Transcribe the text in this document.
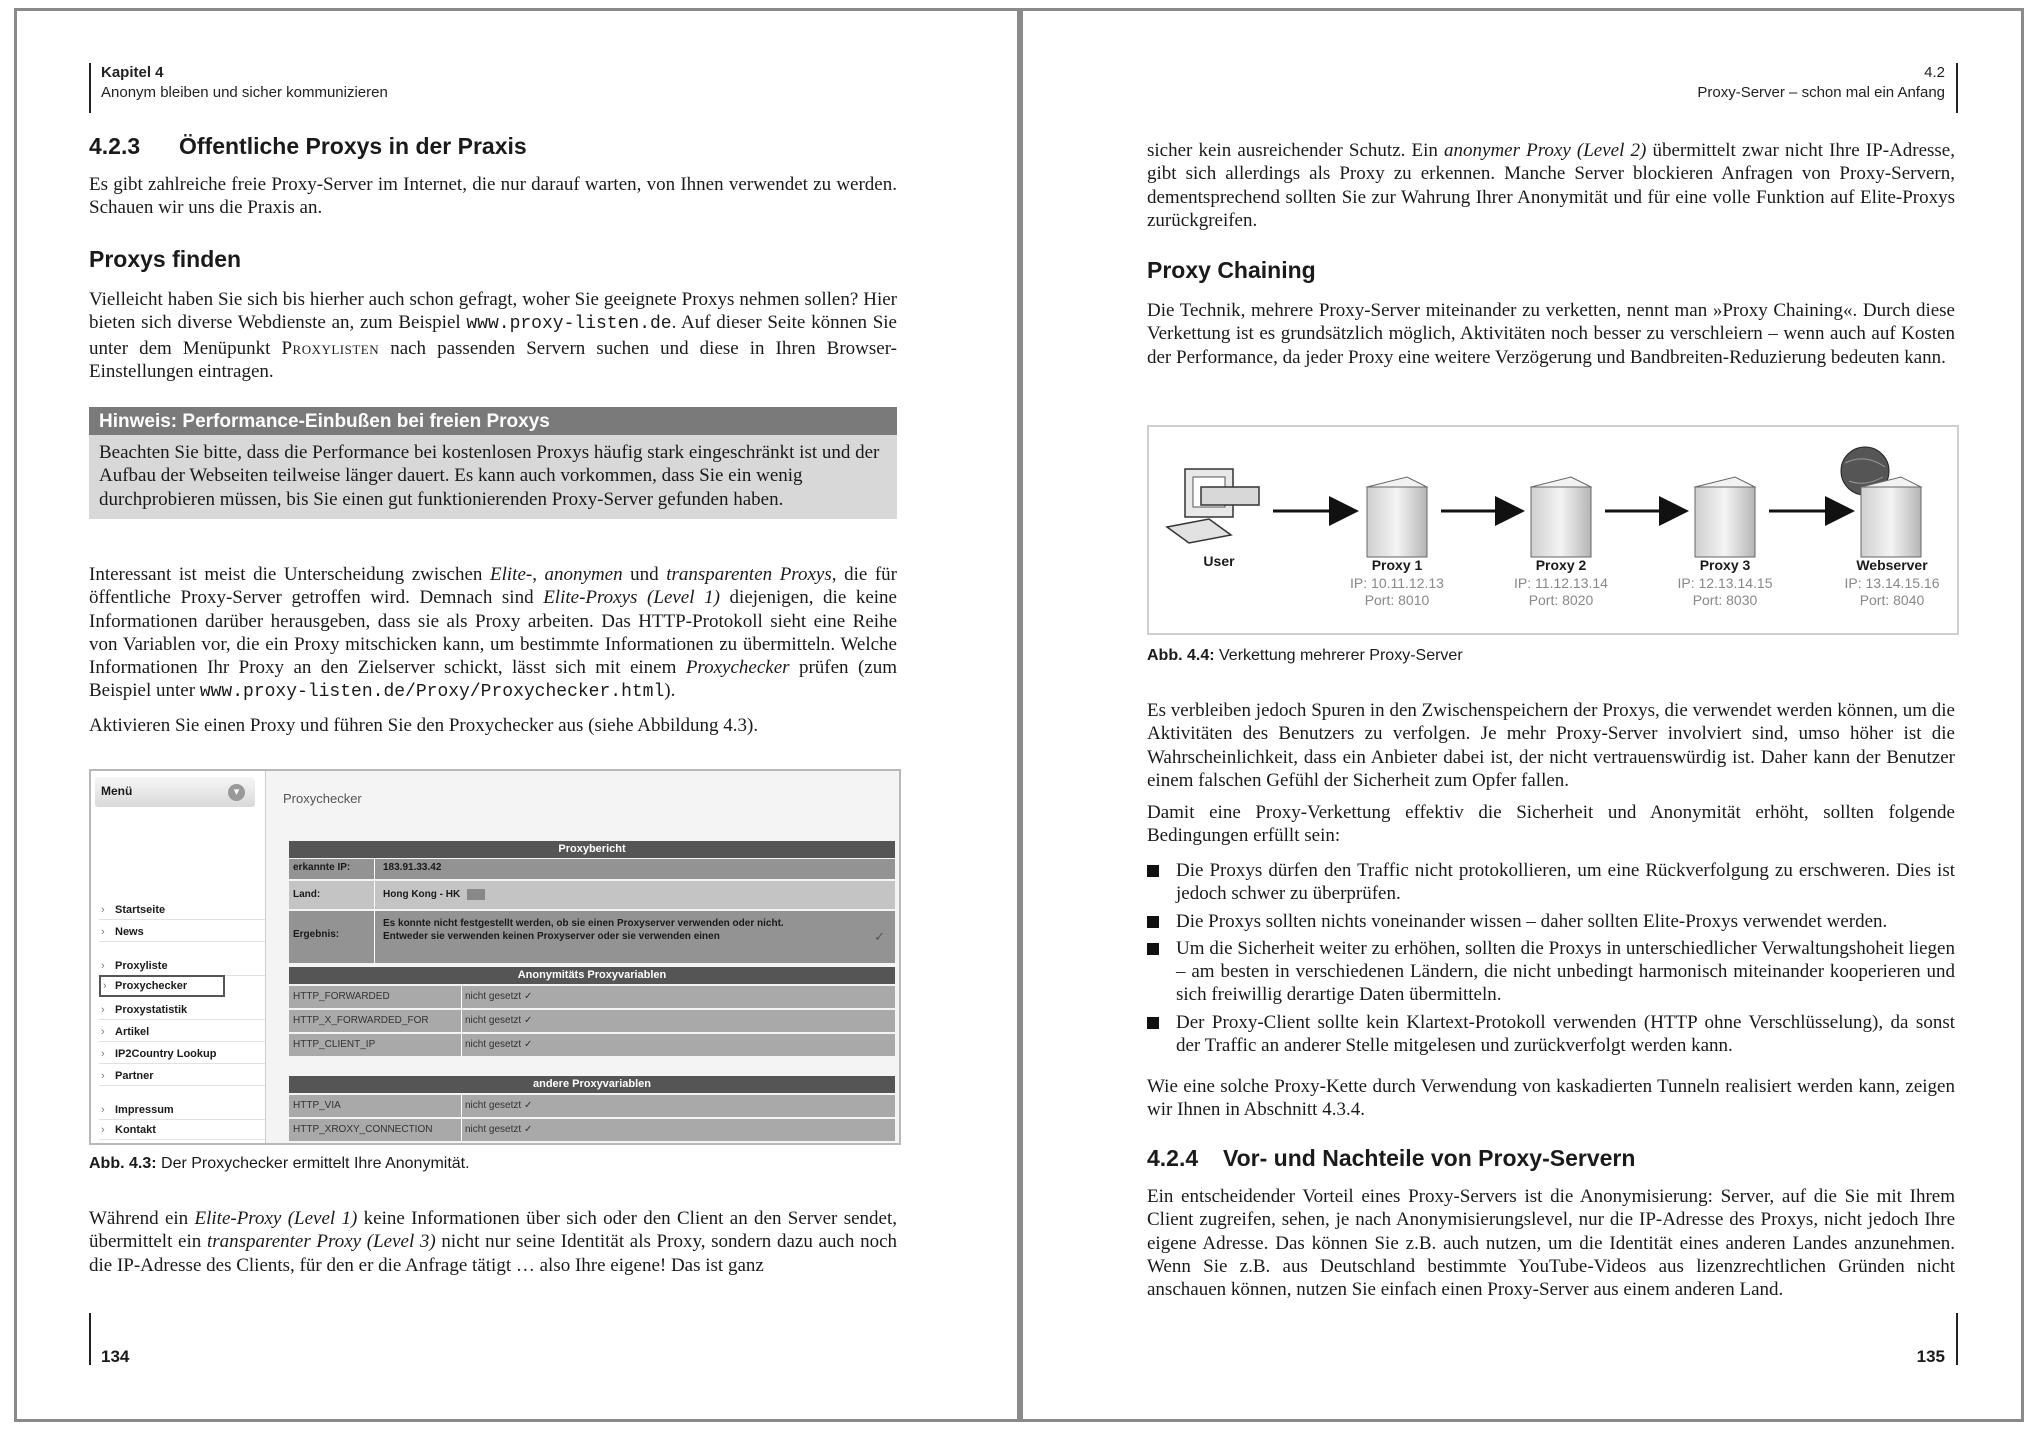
Kapitel 4
Anonym bleiben und sicher kommunizieren
4.2.3 Öffentliche Proxys in der Praxis

Es gibt zahlreiche freie Proxy-Server im Internet, die nur darauf warten, von Ihnen verwendet zu werden. Schauen wir uns die Praxis an.

Proxys finden

Vielleicht haben Sie sich bis hierher auch schon gefragt, woher Sie geeignete Proxys nehmen sollen? Hier bieten sich diverse Webdienste an, zum Beispiel www.proxy-listen.de. Auf dieser Seite können Sie unter dem Menüpunkt Proxylisten nach passenden Servern suchen und diese in Ihren Browser-Einstellungen eintragen.

Hinweis: Performance-Einbußen bei freien Proxys
Beachten Sie bitte, dass die Performance bei kostenlosen Proxys häufig stark eingeschränkt ist und der Aufbau der Webseiten teilweise länger dauert. Es kann auch vorkommen, dass Sie ein wenig durchprobieren müssen, bis Sie einen gut funktionierenden Proxy-Server gefunden haben.

Interessant ist meist die Unterscheidung zwischen Elite-, anonymen und transparenten Proxys, die für öffentliche Proxy-Server getroffen wird. Demnach sind Elite-Proxys (Level 1) diejenigen, die keine Informationen darüber herausgeben, dass sie als Proxy arbeiten. Das HTTP-Protokoll sieht eine Reihe von Variablen vor, die ein Proxy mitschicken kann, um bestimmte Informationen zu übermitteln. Welche Informationen Ihr Proxy an den Zielserver schickt, lässt sich mit einem Proxychecker prüfen (zum Beispiel unter www.proxy-listen.de/Proxy/Proxychecker.html).

Aktivieren Sie einen Proxy und führen Sie den Proxychecker aus (siehe Abbildung 4.3).

Menü	▾
› Startseite
› News
› Proxyliste
› Proxychecker
› Proxystatistik
› Artikel
› IP2Country Lookup
› Partner
› Impressum
› Kontakt
Proxychecker
Proxybericht
erkannte IP:	183.91.33.42
Land:	Hong Kong - HK
Ergebnis:
Es konnte nicht festgestellt werden, ob sie einen Proxyserver verwenden oder nicht.
Entweder sie verwenden keinen Proxyserver oder sie verwenden einen	✓
Anonymitäts Proxyvariablen
HTTP_FORWARDED	nicht gesetzt ✓
HTTP_X_FORWARDED_FOR	nicht gesetzt ✓
HTTP_CLIENT_IP	nicht gesetzt ✓
andere Proxyvariablen
HTTP_VIA	nicht gesetzt ✓
HTTP_XROXY_CONNECTION	nicht gesetzt ✓
Abb. 4.3: Der Proxychecker ermittelt Ihre Anonymität.

Während ein Elite-Proxy (Level 1) keine Informationen über sich oder den Client an den Server sendet, übermittelt ein transparenter Proxy (Level 3) nicht nur seine Identität als Proxy, sondern dazu auch noch die IP-Adresse des Clients, für den er die Anfrage tätigt … also Ihre eigene! Das ist ganz

134
4.2
Proxy-Server – schon mal ein Anfang

sicher kein ausreichender Schutz. Ein anonymer Proxy (Level 2) übermittelt zwar nicht Ihre IP-Adresse, gibt sich allerdings als Proxy zu erkennen. Manche Server blockieren Anfragen von Proxy-Servern, dementsprechend sollten Sie zur Wahrung Ihrer Anonymität und für eine volle Funktion auf Elite-Proxys zurückgreifen.

Proxy Chaining

Die Technik, mehrere Proxy-Server miteinander zu verketten, nennt man »Proxy Chaining«. Durch diese Verkettung ist es grundsätzlich möglich, Aktivitäten noch besser zu verschleiern – wenn auch auf Kosten der Performance, da jeder Proxy eine weitere Verzögerung und Bandbreiten-Reduzierung bedeuten kann.

User	Proxy 1
IP: 10.11.12.13
Port: 8010
Proxy 2
IP: 11.12.13.14
Port: 8020
Proxy 3
IP: 12.13.14.15
Port: 8030
Webserver
IP: 13.14.15.16
Port: 8040
Abb. 4.4: Verkettung mehrerer Proxy-Server

Es verbleiben jedoch Spuren in den Zwischenspeichern der Proxys, die verwendet werden können, um die Aktivitäten des Benutzers zu verfolgen. Je mehr Proxy-Server involviert sind, umso höher ist die Wahrscheinlichkeit, dass ein Anbieter dabei ist, der nicht vertrauenswürdig ist. Daher kann der Benutzer einem falschen Gefühl der Sicherheit zum Opfer fallen.

Damit eine Proxy-Verkettung effektiv die Sicherheit und Anonymität erhöht, sollten folgende Bedingungen erfüllt sein:

Die Proxys dürfen den Traffic nicht protokollieren, um eine Rückverfolgung zu erschweren. Dies ist jedoch schwer zu überprüfen.
Die Proxys sollten nichts voneinander wissen – daher sollten Elite-Proxys verwendet werden.
Um die Sicherheit weiter zu erhöhen, sollten die Proxys in unterschiedlicher Verwaltungshoheit liegen – am besten in verschiedenen Ländern, die nicht unbedingt harmonisch miteinander kooperieren und sich freiwillig derartige Daten übermitteln.
Der Proxy-Client sollte kein Klartext-Protokoll verwenden (HTTP ohne Verschlüsselung), da sonst der Traffic an anderer Stelle mitgelesen und zurückverfolgt werden kann.

Wie eine solche Proxy-Kette durch Verwendung von kaskadierten Tunneln realisiert werden kann, zeigen wir Ihnen in Abschnitt 4.3.4.

4.2.4 Vor- und Nachteile von Proxy-Servern

Ein entscheidender Vorteil eines Proxy-Servers ist die Anonymisierung: Server, auf die Sie mit Ihrem Client zugreifen, sehen, je nach Anonymisierungslevel, nur die IP-Adresse des Proxys, nicht jedoch Ihre eigene Adresse. Das können Sie z.B. auch nutzen, um die Identität eines anderen Landes anzunehmen. Wenn Sie z.B. aus Deutschland bestimmte YouTube-Videos aus lizenzrechtlichen Gründen nicht anschauen können, nutzen Sie einfach einen Proxy-Server aus einem anderen Land.

135
